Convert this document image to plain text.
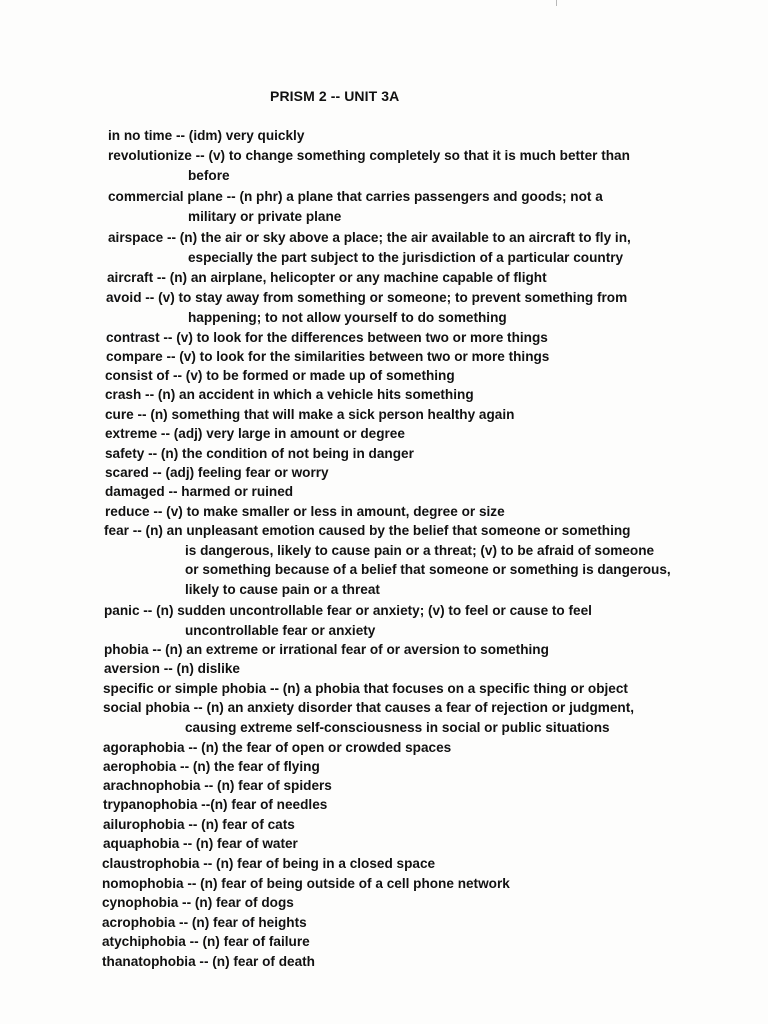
PRISM 2 -- UNIT 3A
in no time -- (idm) very quickly
revolutionize -- (v) to change something completely so that it is much better than
before
commercial plane -- (n phr) a plane that carries passengers and goods; not a
military or private plane
airspace -- (n) the air or sky above a place; the air available to an aircraft to fly in,
especially the part subject to the jurisdiction of a particular country
aircraft -- (n) an airplane, helicopter or any machine capable of flight
avoid -- (v) to stay away from something or someone; to prevent something from
happening; to not allow yourself to do something
contrast -- (v) to look for the differences between two or more things
compare -- (v) to look for the similarities between two or more things
consist of -- (v) to be formed or made up of something
crash -- (n) an accident in which a vehicle hits something
cure -- (n) something that will make a sick person healthy again
extreme -- (adj) very large in amount or degree
safety -- (n) the condition of not being in danger
scared -- (adj) feeling fear or worry
damaged -- harmed or ruined
reduce -- (v) to make smaller or less in amount, degree or size
fear -- (n) an unpleasant emotion caused by the belief that someone or something
is dangerous, likely to cause pain or a threat; (v) to be afraid of someone
or something because of a belief that someone or something is dangerous,
likely to cause pain or a threat
panic -- (n) sudden uncontrollable fear or anxiety; (v) to feel or cause to feel
uncontrollable fear or anxiety
phobia -- (n) an extreme or irrational fear of or aversion to something
aversion -- (n) dislike
specific or simple phobia -- (n) a phobia that focuses on a specific thing or object
social phobia -- (n) an anxiety disorder that causes a fear of rejection or judgment,
causing extreme self-consciousness in social or public situations
agoraphobia -- (n) the fear of open or crowded spaces
aerophobia -- (n) the fear of flying
arachnophobia -- (n) fear of spiders
trypanophobia --(n) fear of needles
ailurophobia -- (n) fear of cats
aquaphobia -- (n) fear of water
claustrophobia -- (n) fear of being in a closed space
nomophobia -- (n) fear of being outside of a cell phone network
cynophobia -- (n) fear of dogs
acrophobia -- (n) fear of heights
atychiphobia -- (n) fear of failure
thanatophobia -- (n) fear of death
